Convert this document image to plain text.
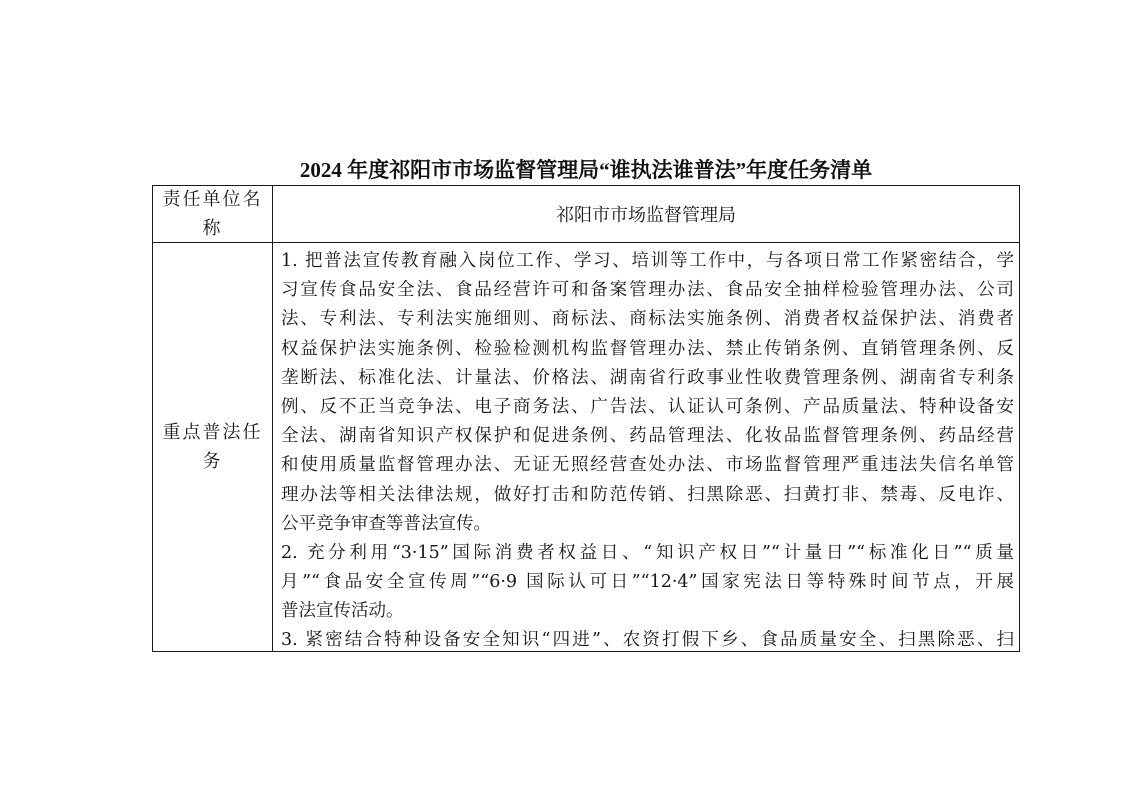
2024 年度祁阳市市场监督管理局“谁执法谁普法”年度任务清单
责任单位名称
祁阳市市场监督管理局
重点普法任务
1. 把普法宣传教育融入岗位工作、学习、培训等工作中，与各项日常工作紧密结合，学
习宣传食品安全法、食品经营许可和备案管理办法、食品安全抽样检验管理办法、公司
法、专利法、专利法实施细则、商标法、商标法实施条例、消费者权益保护法、消费者
权益保护法实施条例、检验检测机构监督管理办法、禁止传销条例、直销管理条例、反
垄断法、标准化法、计量法、价格法、湖南省行政事业性收费管理条例、湖南省专利条
例、反不正当竞争法、电子商务法、广告法、认证认可条例、产品质量法、特种设备安
全法、湖南省知识产权保护和促进条例、药品管理法、化妆品监督管理条例、药品经营
和使用质量监督管理办法、无证无照经营查处办法、市场监督管理严重违法失信名单管
理办法等相关法律法规，做好打击和防范传销、扫黑除恶、扫黄打非、禁毒、反电诈、
公平竞争审查等普法宣传。
2. 充分利用“3·15”国际消费者权益日、“知识产权日”“计量日”“标准化日”“质量
月”“食品安全宣传周”“6·9 国际认可日”“12·4”国家宪法日等特殊时间节点，开展
普法宣传活动。
3. 紧密结合特种设备安全知识“四进”、农资打假下乡、食品质量安全、扫黑除恶、扫
